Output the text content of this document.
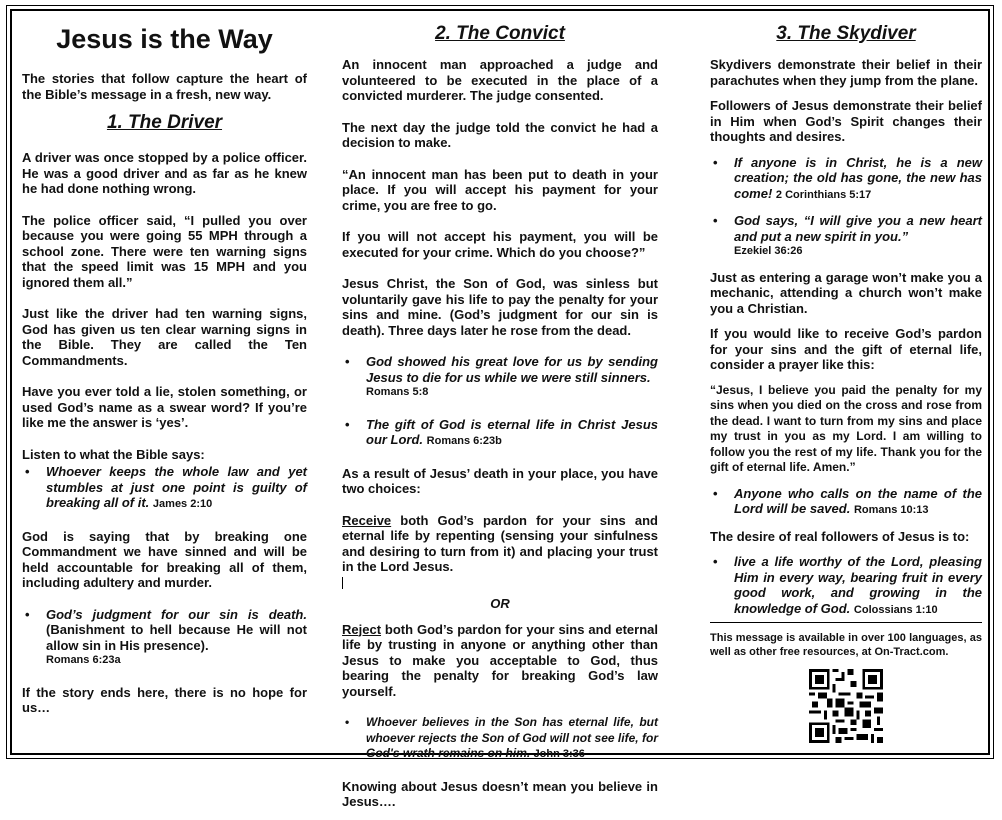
Jesus is the Way

The stories that follow capture the heart of the Bible’s message in a fresh, new way.

1. The Driver

A driver was once stopped by a police officer. He was a good driver and as far as he knew he had done nothing wrong.

The police officer said, “I pulled you over because you were going 55 MPH through a school zone. There were ten warning signs that the speed limit was 15 MPH and you ignored them all.”

Just like the driver had ten warning signs, God has given us ten clear warning signs in the Bible. They are called the Ten Commandments.

Have you ever told a lie, stolen something, or used God’s name as a swear word? If you’re like me the answer is ‘yes’.

Listen to what the Bible says:

• Whoever keeps the whole law and yet stumbles at just one point is guilty of breaking all of it. James 2:10

God is saying that by breaking one Commandment we have sinned and will be held accountable for breaking all of them, including adultery and murder.

• God’s judgment for our sin is death. (Banishment to hell because He will not allow sin in His presence).
Romans 6:23a

If the story ends here, there is no hope for us…

2. The Convict

An innocent man approached a judge and volunteered to be executed in the place of a convicted murderer. The judge consented.

The next day the judge told the convict he had a decision to make.

“An innocent man has been put to death in your place. If you will accept his payment for your crime, you are free to go.

If you will not accept his payment, you will be executed for your crime. Which do you choose?”

Jesus Christ, the Son of God, was sinless but voluntarily gave his life to pay the penalty for your sins and mine. (God’s judgment for our sin is death). Three days later he rose from the dead.

• God showed his great love for us by sending Jesus to die for us while we were still sinners.
Romans 5:8
• The gift of God is eternal life in Christ Jesus our Lord. Romans 6:23b

As a result of Jesus’ death in your place, you have two choices:

Receive both God’s pardon for your sins and eternal life by repenting (sensing your sinfulness and desiring to turn from it) and placing your trust in the Lord Jesus.

OR

Reject both God’s pardon for your sins and eternal life by trusting in anyone or anything other than Jesus to make you acceptable to God, thus bearing the penalty for breaking God’s law yourself.

• Whoever believes in the Son has eternal life, but whoever rejects the Son of God will not see life, for God's wrath remains on him. John 3:36

Knowing about Jesus doesn’t mean you believe in Jesus….

3. The Skydiver

Skydivers demonstrate their belief in their parachutes when they jump from the plane.

Followers of Jesus demonstrate their belief in Him when God’s Spirit changes their thoughts and desires.

• If anyone is in Christ, he is a new creation; the old has gone, the new has come! 2 Corinthians 5:17
• God says, “I will give you a new heart and put a new spirit in you.”
Ezekiel 36:26

Just as entering a garage won’t make you a mechanic, attending a church won’t make you a Christian.

If you would like to receive God’s pardon for your sins and the gift of eternal life, consider a prayer like this:

“Jesus, I believe you paid the penalty for my sins when you died on the cross and rose from the dead. I want to turn from my sins and place my trust in you as my Lord. I am willing to follow you the rest of my life. Thank you for the gift of eternal life. Amen.”

• Anyone who calls on the name of the Lord will be saved. Romans 10:13

The desire of real followers of Jesus is to:

• live a life worthy of the Lord, pleasing Him in every way, bearing fruit in every good work, and growing in the knowledge of God. Colossians 1:10

This message is available in over 100 languages, as well as other free resources, at On-Tract.com.
